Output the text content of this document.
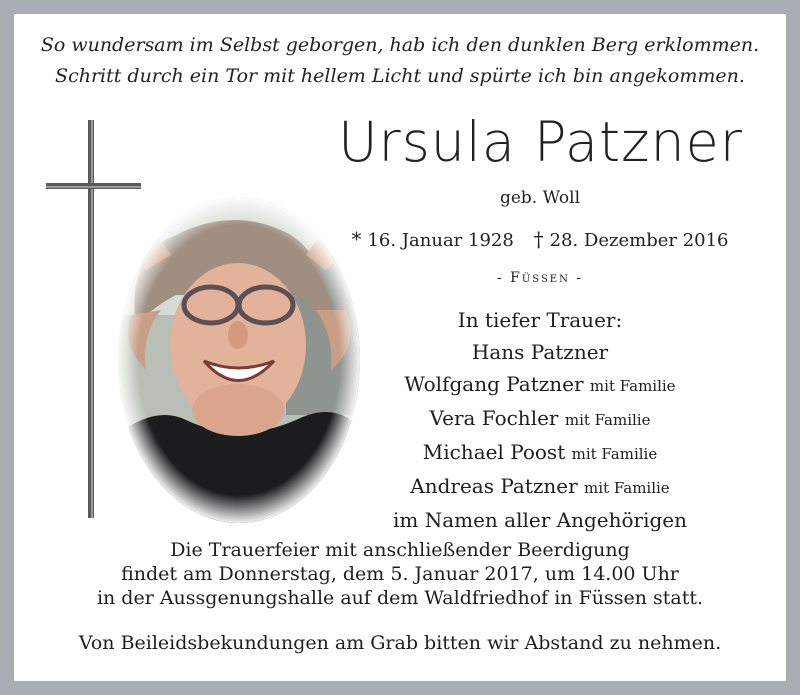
So wundersam im Selbst geborgen, hab ich den dunklen Berg erklommen.
Schritt durch ein Tor mit hellem Licht und spürte ich bin angekommen.
Ursula Patzner
geb. Woll
* 16. Januar 1928 † 28. Dezember 2016
- Füssen -
In tiefer Trauer:
Hans Patzner
Wolfgang Patzner mit Familie
Vera Fochler mit Familie
Michael Poost mit Familie
Andreas Patzner mit Familie
im Namen aller Angehörigen
Die Trauerfeier mit anschließender Beerdigung
findet am Donnerstag, dem 5. Januar 2017, um 14.00 Uhr
in der Aussgenungshalle auf dem Waldfriedhof in Füssen statt.
Von Beileidsbekundungen am Grab bitten wir Abstand zu nehmen.
